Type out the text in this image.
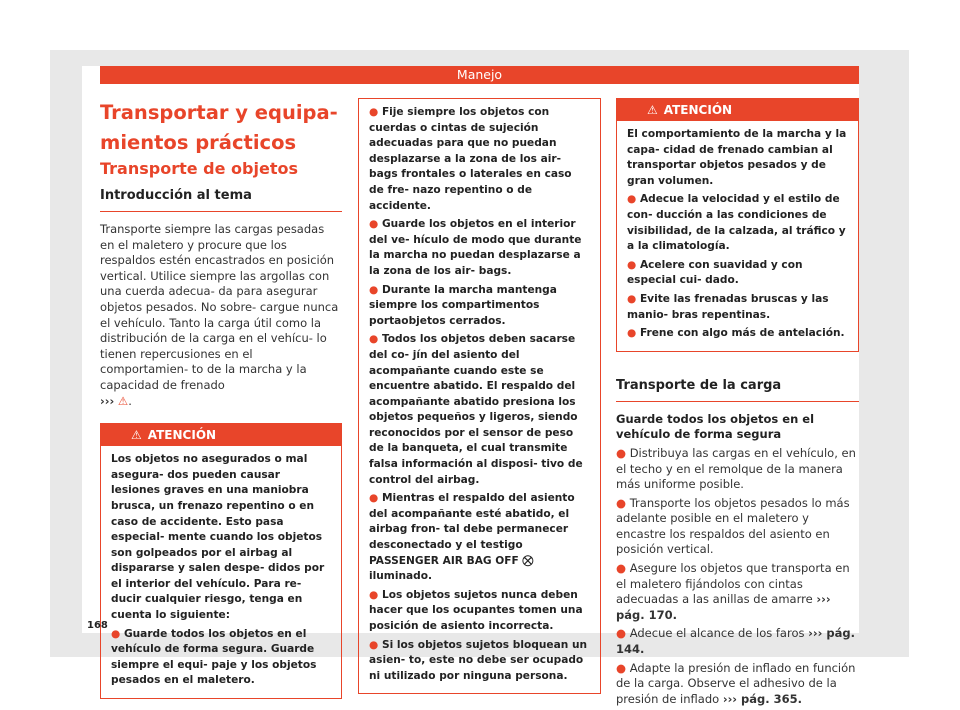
Manejo

Transportar y equipa-

mientos prácticos

Transporte de objetos

Introducción al tema

Transporte siempre las cargas pesadas en el maletero y procure que los respaldos estén encastrados en posición vertical. Utilice siempre las argollas con una cuerda adecua- da para asegurar objetos pesados. No sobre- cargue nunca el vehículo. Tanto la carga útil como la distribución de la carga en el vehícu- lo tienen repercusiones en el comportamien- to de la marcha y la capacidad de frenado
››› ⚠.

⚠ ATENCIÓN

Los objetos no asegurados o mal asegura- dos pueden causar lesiones graves en una maniobra brusca, un frenazo repentino o en caso de accidente. Esto pasa especial- mente cuando los objetos son golpeados por el airbag al dispararse y salen despe- didos por el interior del vehículo. Para re- ducir cualquier riesgo, tenga en cuenta lo siguiente:

● Guarde todos los objetos en el vehículo de forma segura. Guarde siempre el equi- paje y los objetos pesados en el maletero.

● Fije siempre los objetos con cuerdas o cintas de sujeción adecuadas para que no puedan desplazarse a la zona de los air- bags frontales o laterales en caso de fre- nazo repentino o de accidente.

● Guarde los objetos en el interior del ve- hículo de modo que durante la marcha no puedan desplazarse a la zona de los air- bags.

● Durante la marcha mantenga siempre los compartimentos portaobjetos cerrados.

● Todos los objetos deben sacarse del co- jín del asiento del acompañante cuando este se encuentre abatido. El respaldo del acompañante abatido presiona los objetos pequeños y ligeros, siendo reconocidos por el sensor de peso de la banqueta, el cual transmite falsa información al disposi- tivo de control del airbag.

● Mientras el respaldo del asiento del acompañante esté abatido, el airbag fron- tal debe permanecer desconectado y el testigo PASSENGER AIR BAG OFF ⛒ iluminado.

● Los objetos sujetos nunca deben hacer que los ocupantes tomen una posición de asiento incorrecta.

● Si los objetos sujetos bloquean un asien- to, este no debe ser ocupado ni utilizado por ninguna persona.

⚠ ATENCIÓN

El comportamiento de la marcha y la capa- cidad de frenado cambian al transportar objetos pesados y de gran volumen.

● Adecue la velocidad y el estilo de con- ducción a las condiciones de visibilidad, de la calzada, al tráfico y a la climatología.

● Acelere con suavidad y con especial cui- dado.

● Evite las frenadas bruscas y las manio- bras repentinas.

● Frene con algo más de antelación.

Transporte de la carga

Guarde todos los objetos en el vehículo de forma segura

● Distribuya las cargas en el vehículo, en el techo y en el remolque de la manera más uniforme posible.

● Transporte los objetos pesados lo más adelante posible en el maletero y encastre los respaldos del asiento en posición vertical.

● Asegure los objetos que transporta en el maletero fijándolos con cintas adecuadas a las anillas de amarre ››› pág. 170.

● Adecue el alcance de los faros ››› pág. 144.

● Adapte la presión de inflado en función de la carga. Observe el adhesivo de la presión de inflado ››› pág. 365.

168
